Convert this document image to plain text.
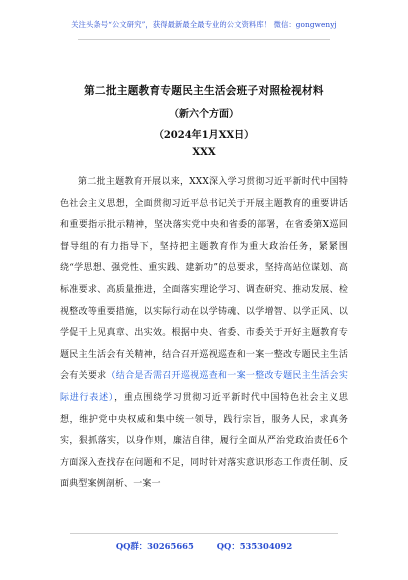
关注头条号“公文研究”，获得最新最全最专业的公文资料库！ 微信：gongwenyj
第二批主题教育专题民主生活会班子对照检视材料
（新六个方面）
（2024年1月XX日）
XXX
第二批主题教育开展以来，XXX深入学习贯彻习近平新时代中国特色社会主义思想，全面贯彻习近平总书记关于开展主题教育的重要讲话和重要指示批示精神，坚决落实党中央和省委的部署，在省委第X巡回督导组的有力指导下，坚持把主题教育作为重大政治任务，紧紧围绕“学思想、强党性、重实践、建新功”的总要求，坚持高站位谋划、高标准要求、高质量推进，全面落实理论学习、调查研究、推动发展、检视整改等重要措施，以实际行动在以学铸魂、以学增智、以学正风、以学促干上见真章、出实效。根据中央、省委、市委关于开好主题教育专题民主生活会有关精神，结合召开巡视巡查和一案一整改专题民主生活会有关要求（结合是否需召开巡视巡查和一案一整改专题民主生活会实际进行表述），重点围绕学习贯彻习近平新时代中国特色社会主义思想，维护党中央权威和集中统一领导，践行宗旨，服务人民，求真务实，狠抓落实，以身作则，廉洁自律，履行全面从严治党政治责任6个方面深入查找存在问题和不足，同时针对落实意识形态工作责任制、反面典型案例剖析、一案一
QQ群：30265665	QQ：535304092
